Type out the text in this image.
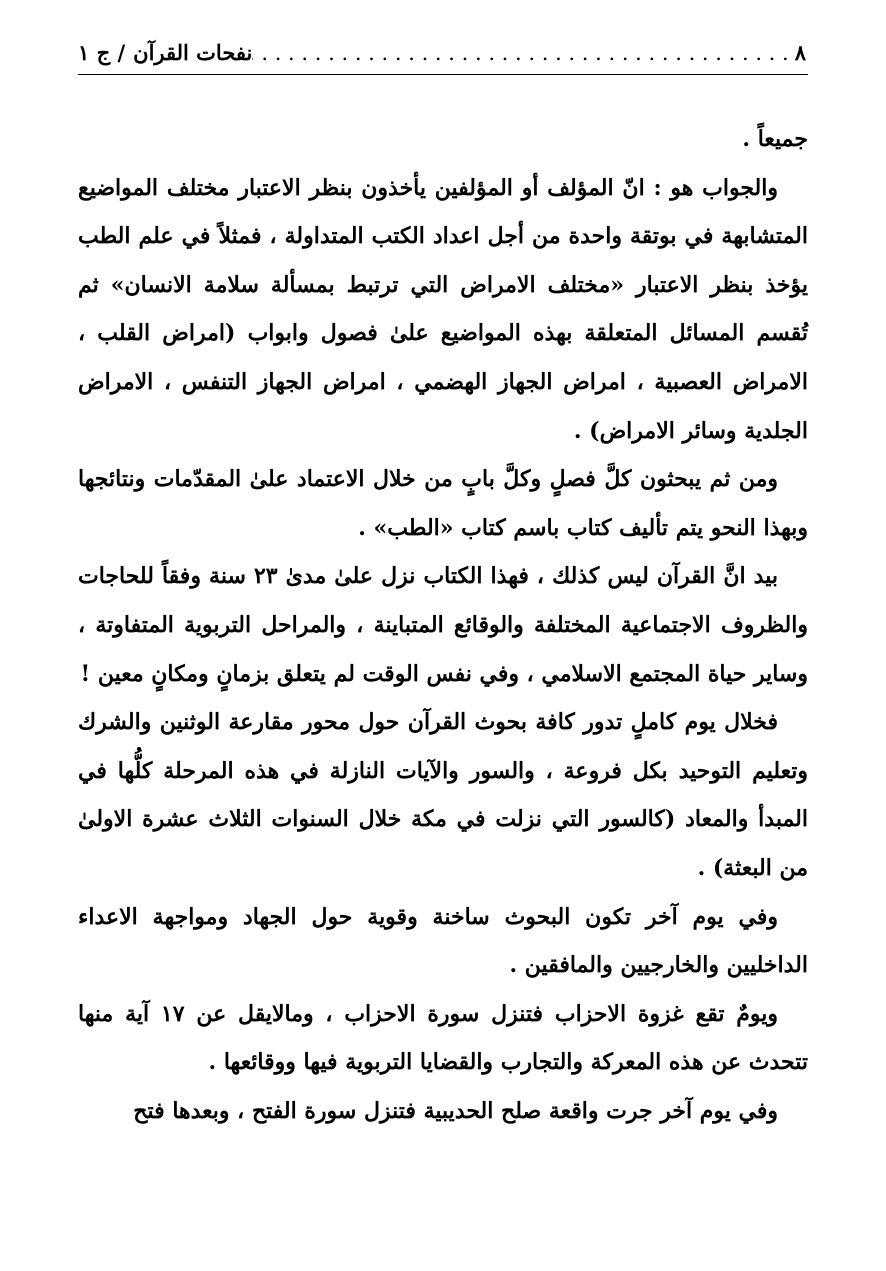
٨
. . .
نفحات القرآن
/ ج ١

جميعاً .

والجواب هو : انّ المؤلف أو المؤلفين يأخذون بنظر الاعتبار مختلف المواضيع المتشابهة في بوتقة واحدة من أجل اعداد الكتب المتداولة ، فمثلاً في علم الطب يؤخذ بنظر الاعتبار «مختلف الامراض التي ترتبط بمسألة سلامة الانسان» ثم تُقسم المسائل المتعلقة بهذه المواضيع علىٰ فصول وابواب (امراض القلب ، الامراض العصبية ، امراض الجهاز الهضمي ، امراض الجهاز التنفس ، الامراض الجلدية وسائر الامراض) .

ومن ثم يبحثون كلَّ فصلٍ وكلَّ بابٍ من خلال الاعتماد علىٰ المقدّمات ونتائجها وبهذا النحو يتم تأليف كتاب باسم كتاب «الطب» .

بيد انَّ القرآن ليس كذلك ، فهذا الكتاب نزل علىٰ مدىٰ ٢٣ سنة وفقاً للحاجات والظروف الاجتماعية المختلفة والوقائع المتباينة ، والمراحل التربوية المتفاوتة ، وساير حياة المجتمع الاسلامي ، وفي نفس الوقت لم يتعلق بزمانٍ ومكانٍ معين !

فخلال يوم كاملٍ تدور كافة بحوث القرآن حول محور مقارعة الوثنين والشرك وتعليم التوحيد بكل فروعة ، والسور والآيات النازلة في هذه المرحلة كلُّها في المبدأ والمعاد (كالسور التي نزلت في مكة خلال السنوات الثلاث عشرة الاولىٰ من البعثة) .

وفي يوم آخر تكون البحوث ساخنة وقوية حول الجهاد ومواجهة الاعداء الداخليين والخارجيين والمافقين .

ويومٌ تقع غزوة الاحزاب فتنزل سورة الاحزاب ، ومالايقل عن ١٧ آية منها تتحدث عن هذه المعركة والتجارب والقضايا التربوية فيها ووقائعها .

وفي يوم آخر جرت واقعة صلح الحديبية فتنزل سورة الفتح ، وبعدها فتح
